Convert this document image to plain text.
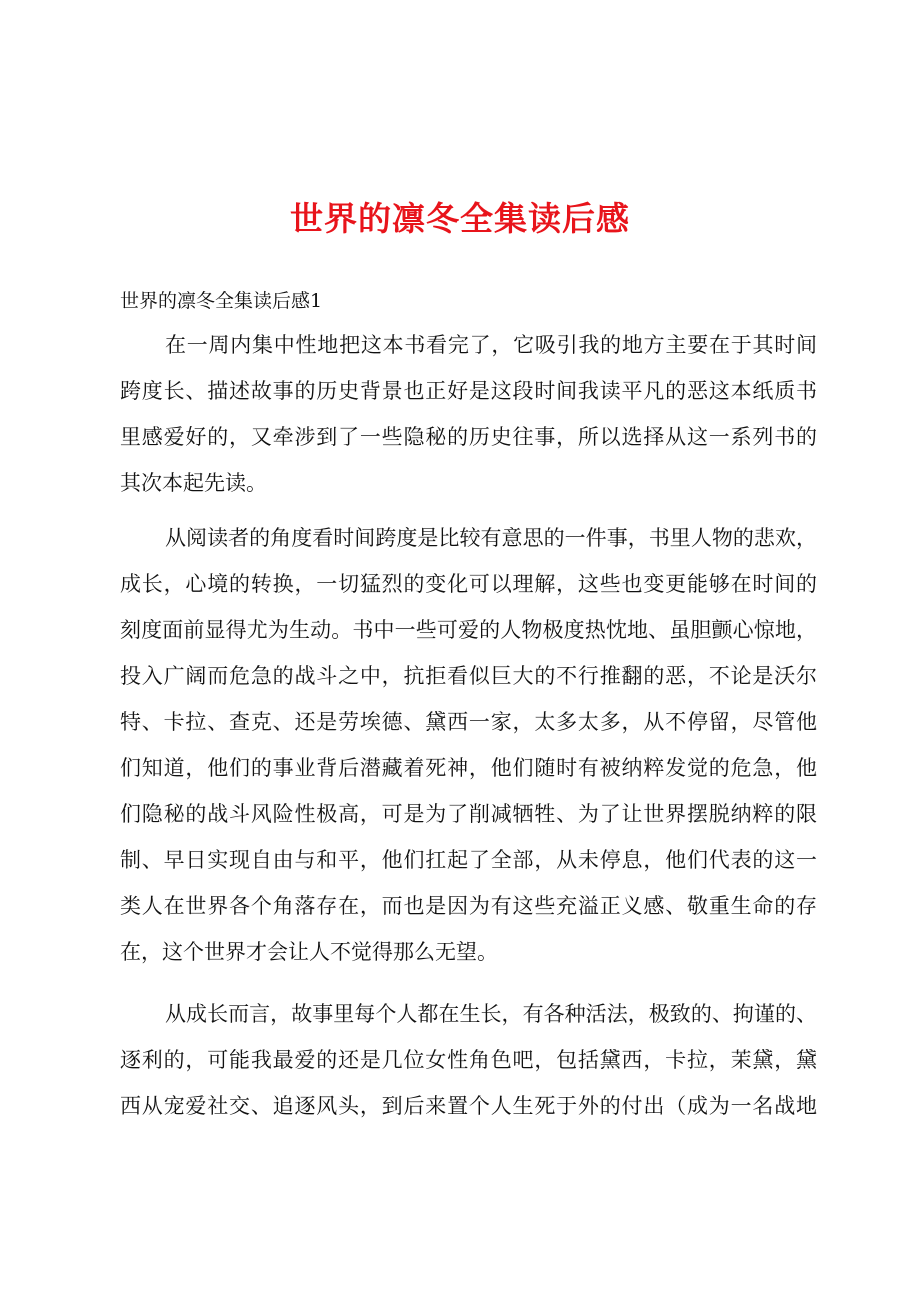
世界的凛冬全集读后感
世界的凛冬全集读后感1
在一周内集中性地把这本书看完了，它吸引我的地方主要在于其时间
跨度长、描述故事的历史背景也正好是这段时间我读平凡的恶这本纸质书
里感爱好的，又牵涉到了一些隐秘的历史往事，所以选择从这一系列书的
其次本起先读。
从阅读者的角度看时间跨度是比较有意思的一件事，书里人物的悲欢，
成长，心境的转换，一切猛烈的变化可以理解，这些也变更能够在时间的
刻度面前显得尤为生动。书中一些可爱的人物极度热忱地、虽胆颤心惊地，
投入广阔而危急的战斗之中，抗拒看似巨大的不行推翻的恶，不论是沃尔
特、卡拉、查克、还是劳埃德、黛西一家，太多太多，从不停留，尽管他
们知道，他们的事业背后潜藏着死神，他们随时有被纳粹发觉的危急，他
们隐秘的战斗风险性极高，可是为了削减牺牲、为了让世界摆脱纳粹的限
制、早日实现自由与和平，他们扛起了全部，从未停息，他们代表的这一
类人在世界各个角落存在，而也是因为有这些充溢正义感、敬重生命的存
在，这个世界才会让人不觉得那么无望。
从成长而言，故事里每个人都在生长，有各种活法，极致的、拘谨的、
逐利的，可能我最爱的还是几位女性角色吧，包括黛西，卡拉，茉黛，黛
西从宠爱社交、追逐风头，到后来置个人生死于外的付出（成为一名战地
